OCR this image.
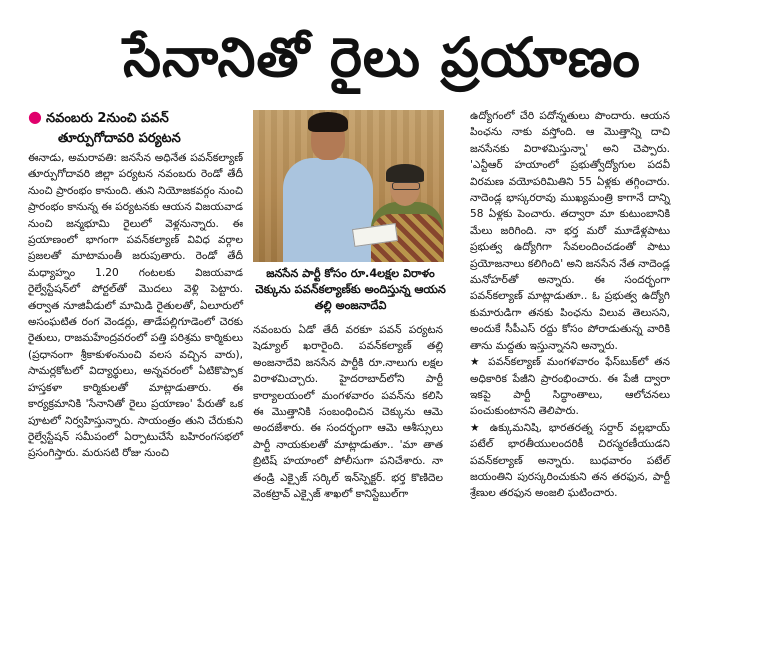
సేనానితో రైలు ప్రయాణం
● నవంబరు 2నుంచి పవన్
తూర్పుగోదావరి పర్యటన

ఈనాడు, అమరావతి: జనసేన అధినేత పవన్‌కల్యాణ్ తూర్పుగోదావరి జిల్లా పర్యటన నవంబరు రెండో తేదీ నుంచి ప్రారంభం కానుంది. తుని నియోజకవర్గం నుంచి ప్రారంభం కానున్న ఈ పర్యటనకు ఆయన విజయవాడ నుంచి జన్మభూమి రైలులో వెళ్లనున్నారు. ఈ ప్రయాణంలో భాగంగా పవన్‌కల్యాణ్ వివిధ వర్గాల ప్రజలతో మాటామంతీ జరుపుతారు. రెండో తేదీ మధ్యాహ్నం 1.20 గంటలకు విజయవాడ రైల్వేస్టేషన్‌లో పోర్టల్‌తో మొదలు వెళ్లి పెట్టారు. తర్వాత నూజివీడులో మామిడి రైతులతో, ఏలూరులో అసంఘటిత రంగ వెండర్లు, తాడేపల్లిగూడెంలో చెరకు రైతులు, రాజమహేంద్రవరంలో పత్తి పరిశ్రమ కార్మికులు (ప్రధానంగా శ్రీకాకుళంనుంచి వలస వచ్చిన వారు), సామర్లకోటలో విద్యార్థులు, అన్నవరంలో ఏటికొప్పాక హస్తకళా కార్మికులతో మాట్లాడుతారు. ఈ కార్యక్రమానికి 'సేనానితో రైలు ప్రయాణం' పేరుతో ఒక పూటలో నిర్వహిస్తున్నారు. సాయంత్రం తుని చేరుకుని రైల్వేస్టేషన్ సమీపంలో ఏర్పాటుచేసే బహిరంగసభలో ప్రసంగిస్తారు. మరుసటి రోజు నుంచి

జనసేన పార్టీ కోసం రూ.4లక్షల విరాళం చెక్కును పవన్‌కల్యాణ్‌కు అందిస్తున్న ఆయన తల్లి అంజనాదేవి

నవంబరు ఏడో తేదీ వరకూ పవన్ పర్యటన షెడ్యూల్ ఖరారైంది. పవన్‌కల్యాణ్ తల్లి అంజనాదేవి జనసేన పార్టీకి రూ.నాలుగు లక్షల విరాళమిచ్చారు. హైదరాబాద్‌లోని పార్టీ కార్యాలయంలో మంగళవారం పవన్‌ను కలిసి ఈ మొత్తానికి సంబంధించిన చెక్కును ఆమె అందజేశారు. ఈ సందర్భంగా ఆమె ఆశీస్సులు పార్టీ నాయకులతో మాట్లాడుతూ.. 'మా తాత బ్రిటిష్ హయాంలో పోలీసుగా పనిచేశారు. నా తండ్రి ఎక్సైజ్ సర్కిల్ ఇన్‌స్పెక్టర్. భర్త కొణిదెల వెంకట్రావ్ ఎక్సైజ్ శాఖలో కానిస్టేబుల్‌గా

ఉద్యోగంలో చేరి పదోన్నతులు పొందారు. ఆయన పింఛను నాకు వస్తోంది. ఆ మొత్తాన్ని దాచి జనసేనకు విరాళమిస్తున్నా' అని చెప్పారు. 'ఎన్టీఆర్ హయాంలో ప్రభుత్వోద్యోగుల పదవీ విరమణ వయోపరిమితిని 55 ఏళ్లకు తగ్గించారు. నాదెండ్ల భాస్కరరావు ముఖ్యమంత్రి కాగానే దాన్ని 58 ఏళ్లకు పెంచారు. తద్వారా మా కుటుంబానికి మేలు జరిగింది. నా భర్త మరో మూడేళ్లపాటు ప్రభుత్వ ఉద్యోగిగా సేవలందించడంతో పాటు ప్రయోజనాలు కలిగింది' అని జనసేన నేత నాదెండ్ల మనోహర్‌తో అన్నారు. ఈ సందర్భంగా పవన్‌కల్యాణ్ మాట్లాడుతూ.. ఓ ప్రభుత్వ ఉద్యోగి కుమారుడిగా తనకు పింఛను విలువ తెలుసని, అందుకే సీపీఎస్ రద్దు కోసం పోరాడుతున్న వారికి తాను మద్దతు ఇస్తున్నానని అన్నారు.

★ పవన్‌కల్యాణ్ మంగళవారం ఫేస్‌బుక్‌లో తన అధికారిక పేజీని ప్రారంభించారు. ఈ పేజీ ద్వారా ఇకపై పార్టీ సిద్ధాంతాలు, ఆలోచనలు పంచుకుంటానని తెలిపారు.

★ ఉక్కుమనిషి, భారతరత్న సర్దార్ వల్లభాయ్ పటేల్ భారతీయులందరికీ చిరస్మరణీయుడని పవన్‌కల్యాణ్ అన్నారు. బుధవారం పటేల్ జయంతిని పురస్కరించుకుని తన తరఫున, పార్టీ శ్రేణుల తరఫున అంజలి ఘటించారు.
